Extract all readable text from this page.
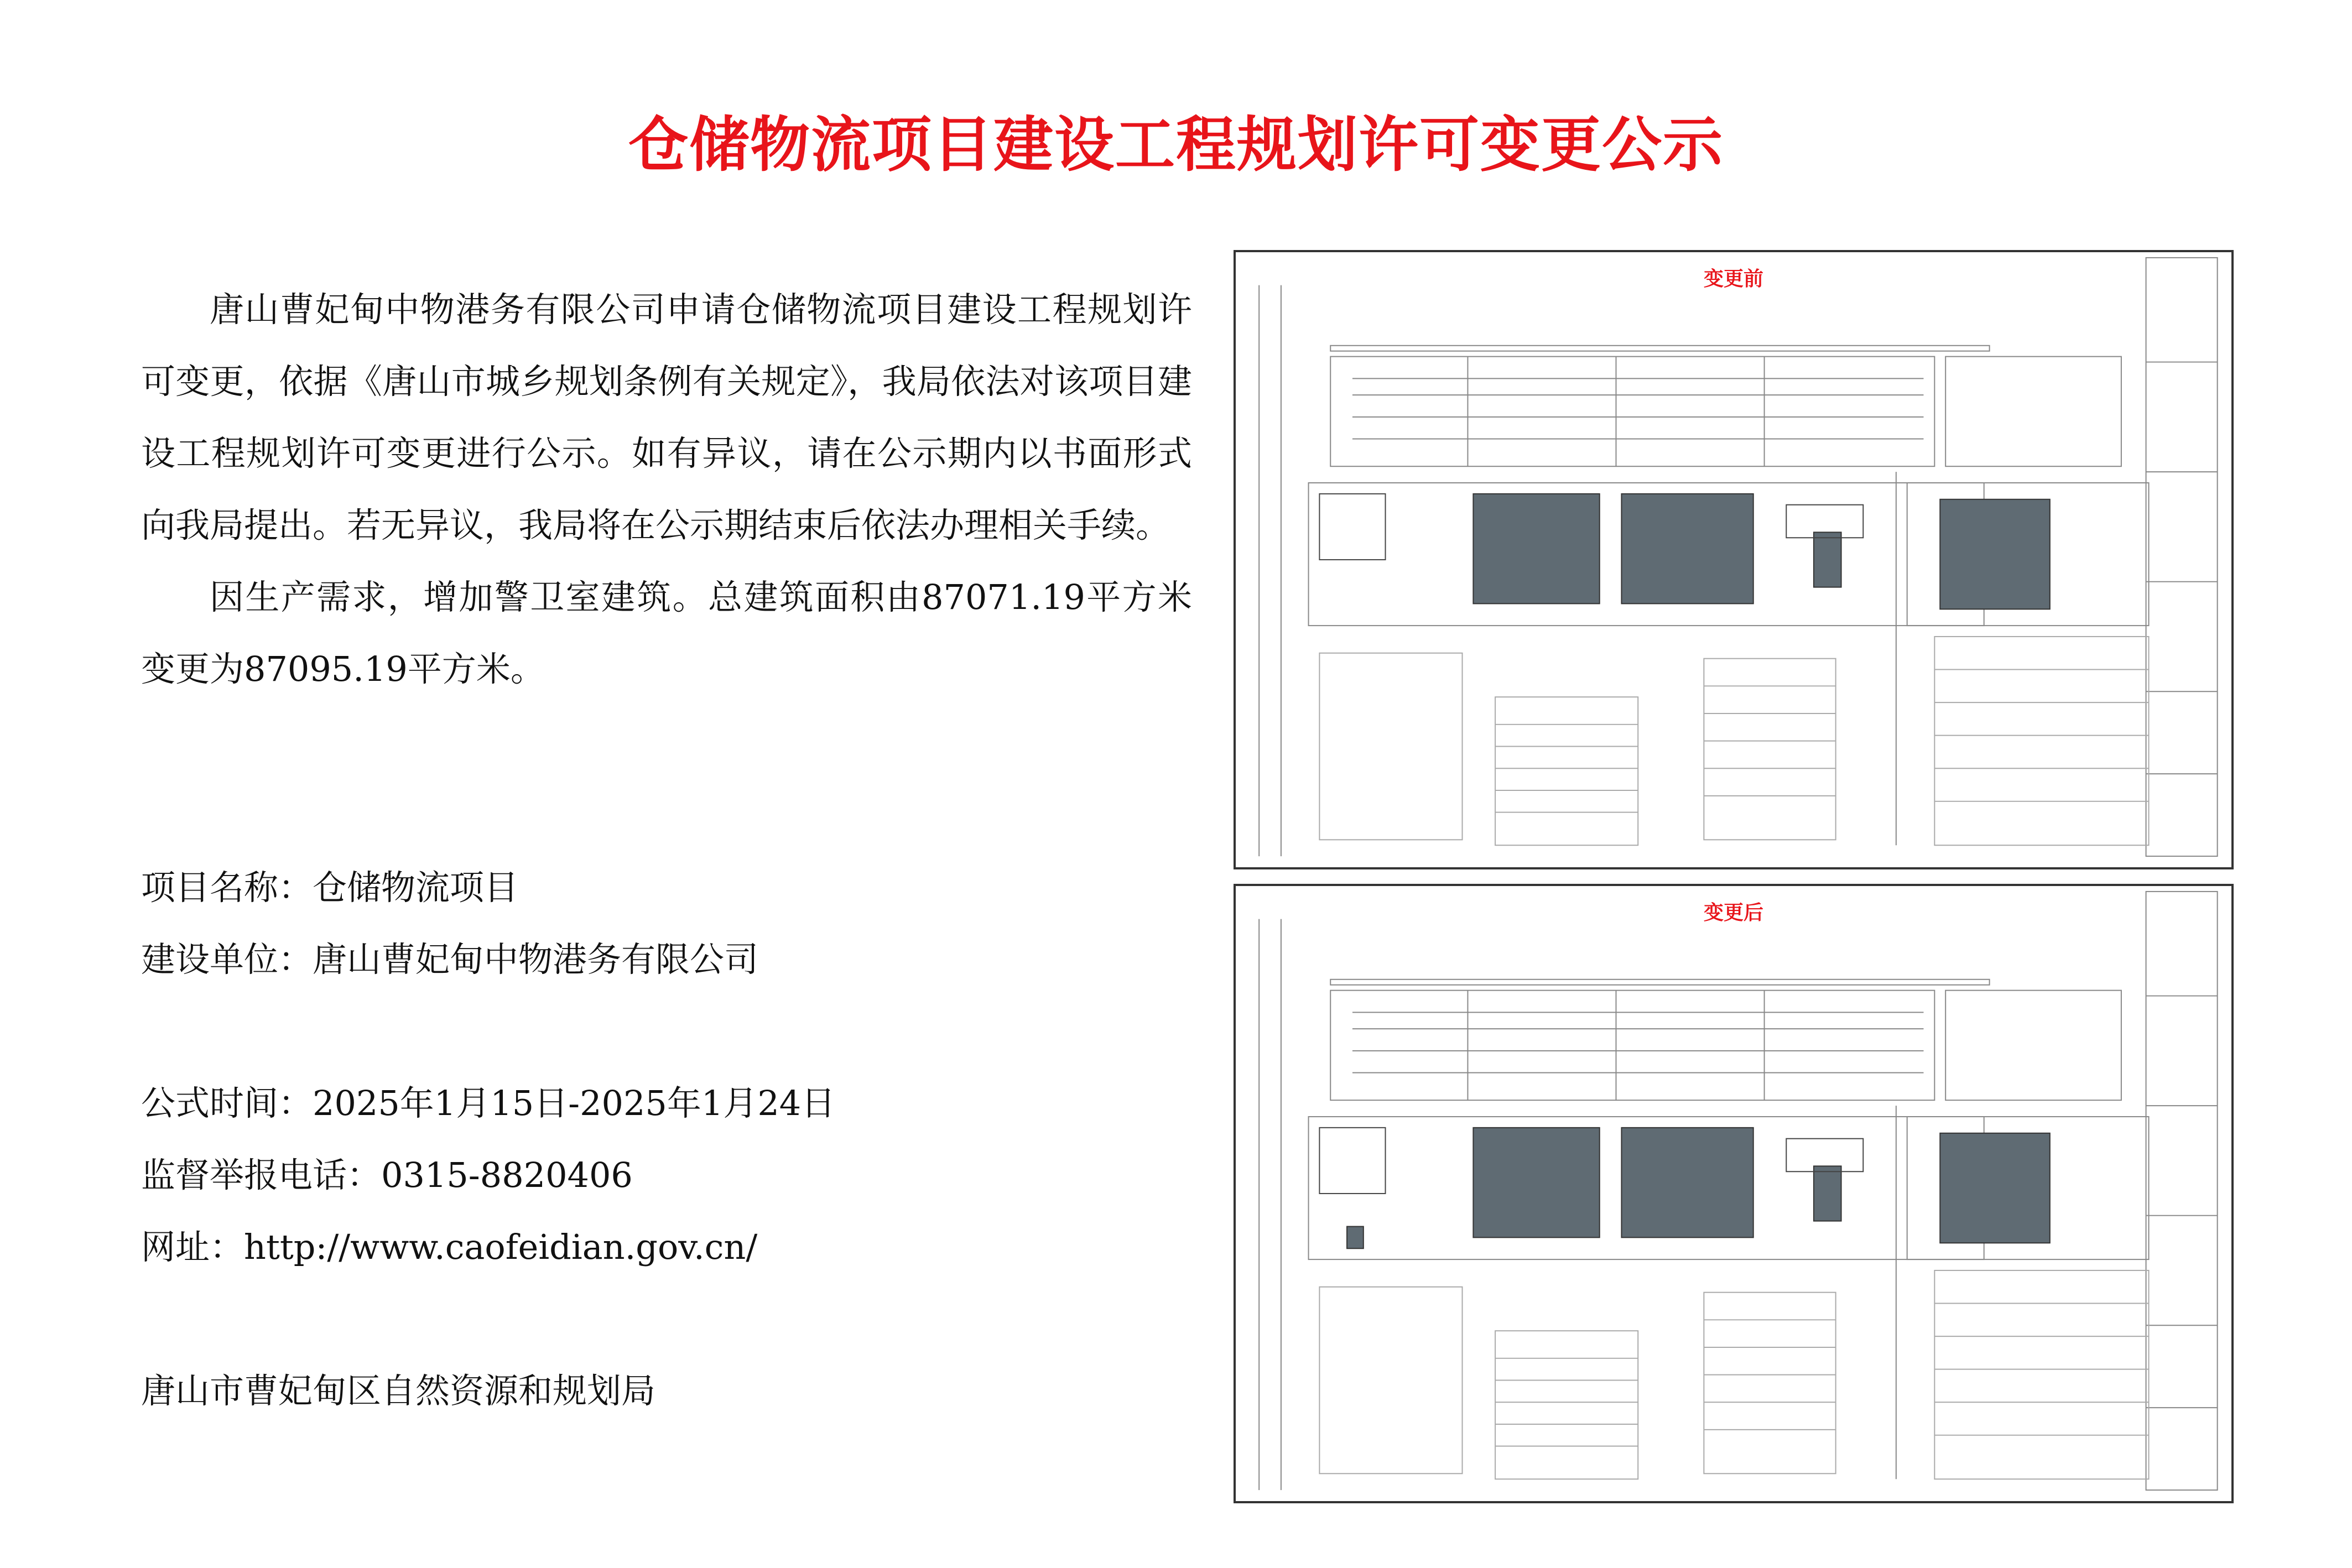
仓储物流项目建设工程规划许可变更公示

唐山曹妃甸中物港务有限公司申请仓储物流项目建设工程规划许可变更，依据《唐山市城乡规划条例有关规定》，我局依法对该项目建设工程规划许可变更进行公示。如有异议，请在公示期内以书面形式向我局提出。若无异议，我局将在公示期结束后依法办理相关手续。

因生产需求，增加警卫室建筑。总建筑面积由87071.19平方米变更为87095.19平方米。

项目名称：仓储物流项目
建设单位：唐山曹妃甸中物港务有限公司
公式时间：2025年1月15日-2025年1月24日
监督举报电话：0315-8820406
网址：http://www.caofeidian.gov.cn/
唐山市曹妃甸区自然资源和规划局
变更前
变更后
